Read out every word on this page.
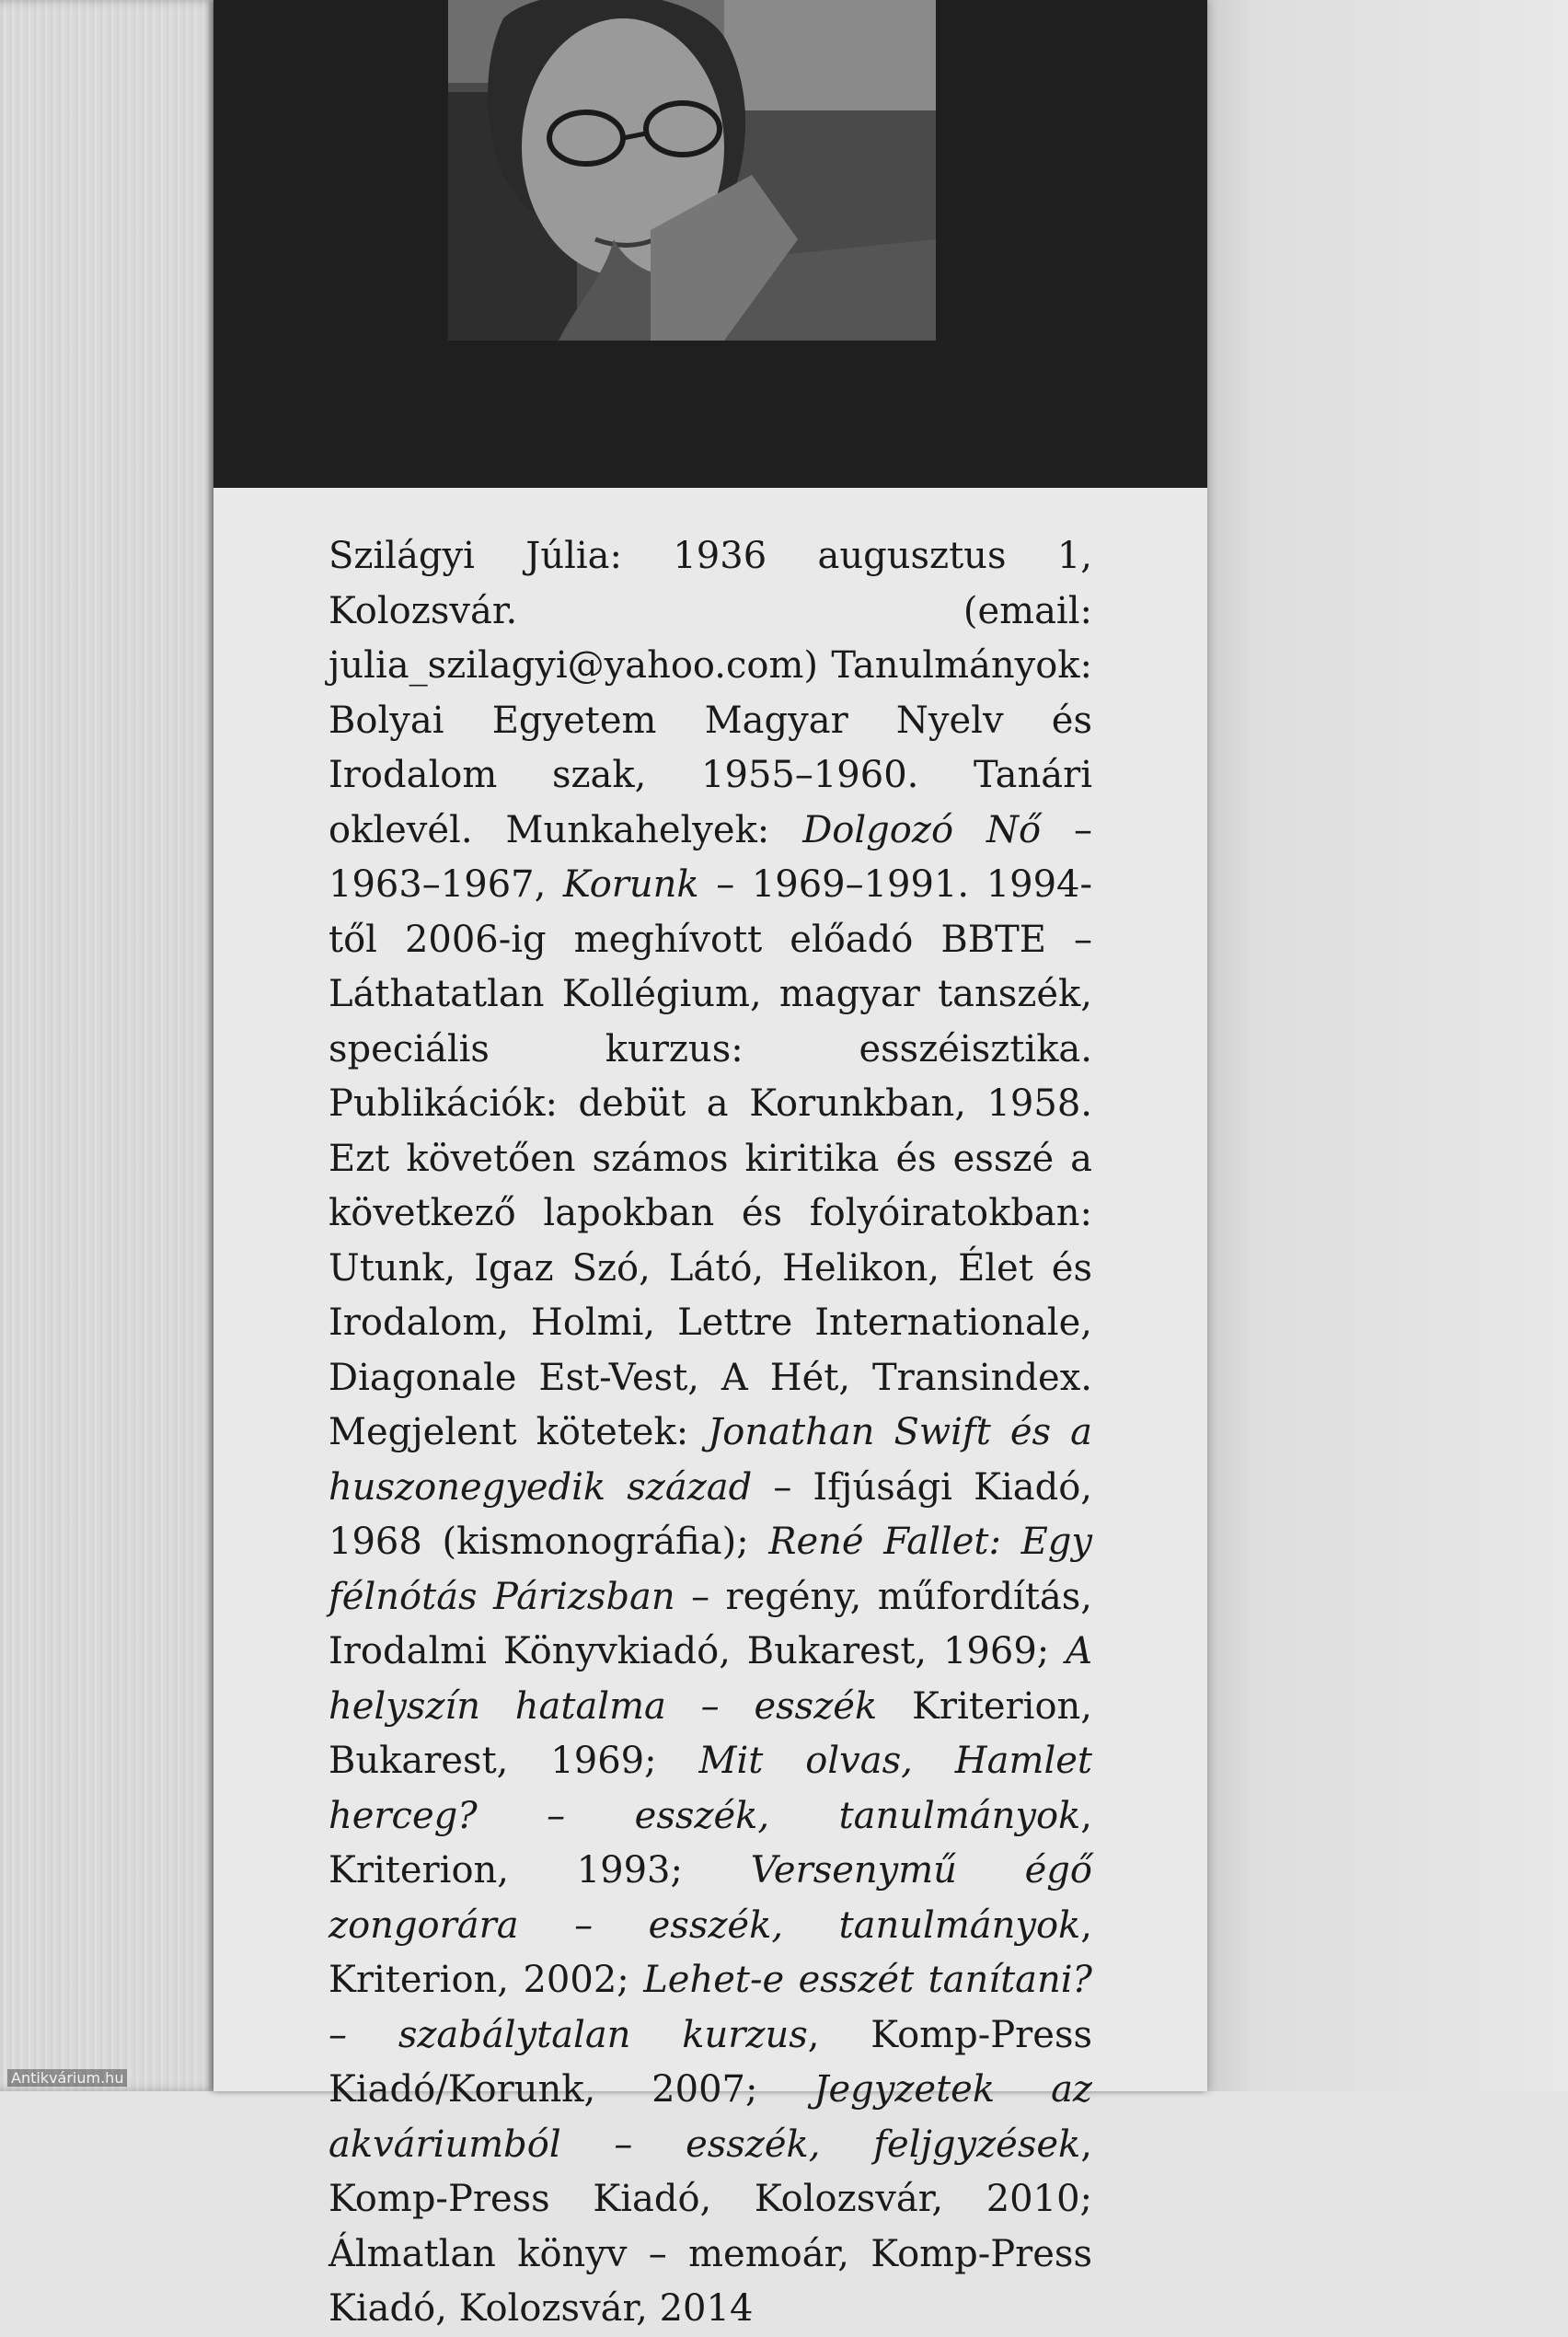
Szilágyi Júlia: 1936 augusztus 1, Kolozsvár. (email: julia_szilagyi@yahoo.com) Tanulmányok: Bolyai Egyetem Magyar Nyelv és Irodalom szak, 1955–1960. Tanári oklevél. Munkahelyek: Dolgozó Nő – 1963–1967, Korunk – 1969–1991. 1994-től 2006-ig meghívott előadó BBTE – Láthatatlan Kollégium, magyar tanszék, speciális kurzus: esszéisztika. Publikációk: debüt a Korunkban, 1958. Ezt követően számos kiritika és esszé a következő lapokban és folyóiratokban: Utunk, Igaz Szó, Látó, Helikon, Élet és Irodalom, Holmi, Lettre Internationale, Diagonale Est-Vest, A Hét, Transindex. Megjelent kötetek: Jonathan Swift és a huszonegyedik század – Ifjúsági Kiadó, 1968 (kismonográfia); René Fallet: Egy félnótás Párizsban – regény, műfordítás, Irodalmi Könyvkiadó, Bukarest, 1969; A helyszín hatalma – esszék Kriterion, Bukarest, 1969; Mit olvas, Hamlet herceg? – esszék, tanulmányok, Kriterion, 1993; Versenymű égő zongorára – esszék, tanulmányok, Kriterion, 2002; Lehet-e esszét tanítani? – szabálytalan kurzus, Komp-Press Kiadó/Korunk, 2007; Jegyzetek az akváriumból – esszék, feljgyzések, Komp-Press Kiadó, Kolozsvár, 2010; Álmatlan könyv – memoár, Komp-Press Kiadó, Kolozsvár, 2014

Antikvárium.hu
